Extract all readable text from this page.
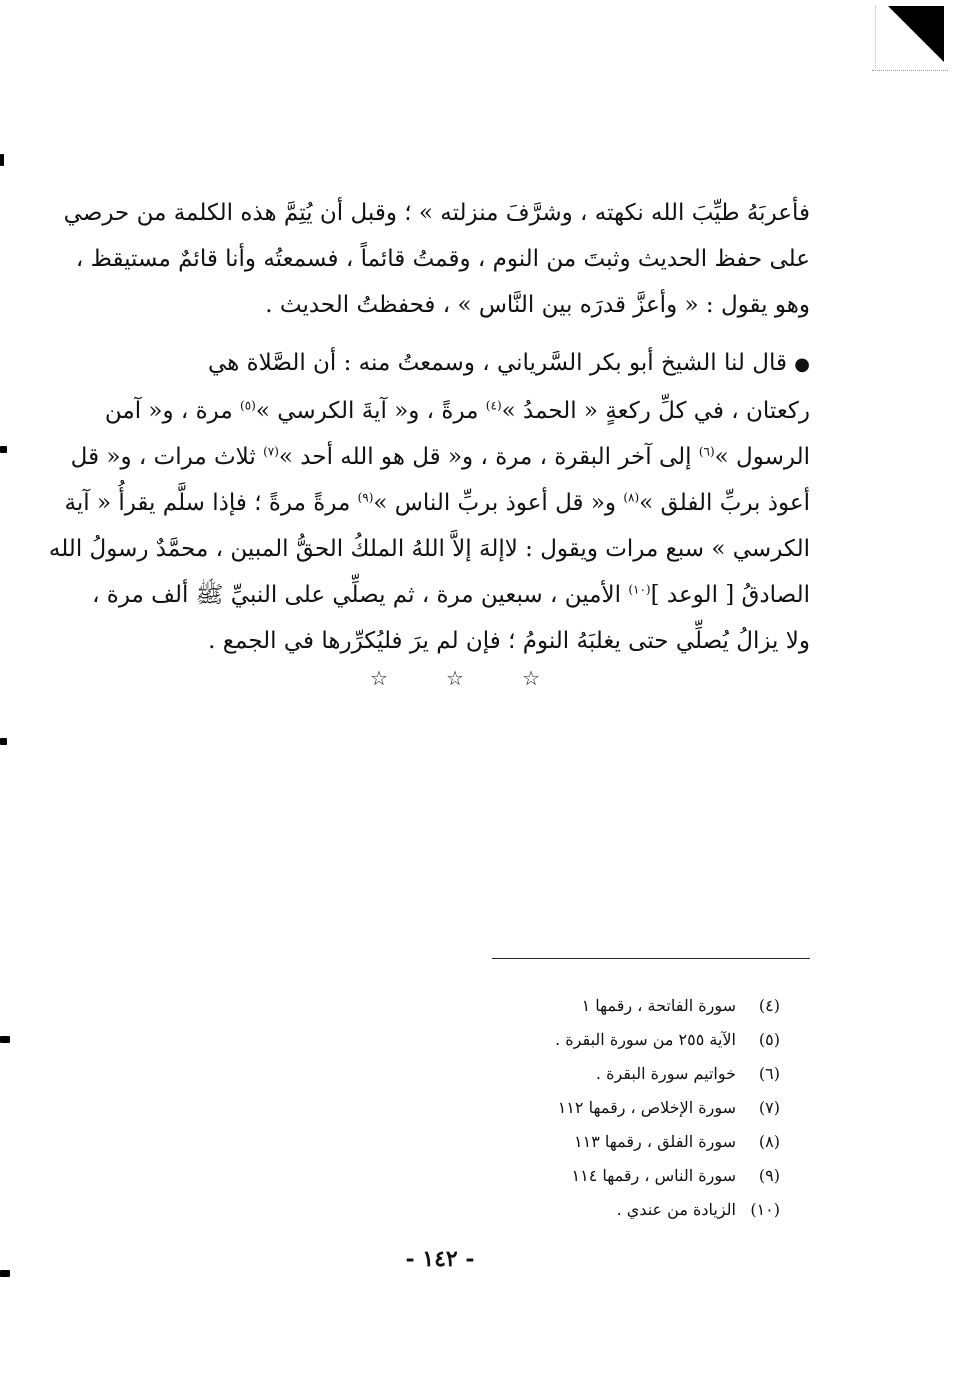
فأعربَهُ طيِّبَ الله نكهته ، وشرَّفَ منزلته » ؛ وقبل أن يُتِمَّ هذه الكلمة من حرصي
على حفظ الحديث وثبتَ من النوم ، وقمتُ قائماً ، فسمعتُه وأنا قائمٌ مستيقظ ،
وهو يقول : « وأعزَّ قدرَه بين النَّاس » ، فحفظتُ الحديث .
● قال لنا الشيخ أبو بكر السَّرياني ، وسمعتُ منه : أن الصَّلاة هي
ركعتان ، في كلِّ ركعةٍ « الحمدُ »$^{(٤)}$ مرةً ، و« آيةَ الكرسي »$^{(٥)}$ مرة ، و« آمن
الرسول »$^{(٦)}$ إلى آخر البقرة ، مرة ، و« قل هو الله أحد »$^{(٧)}$ ثلاث مرات ، و« قل
أعوذ بربِّ الفلق »$^{(٨)}$ و« قل أعوذ بربِّ الناس »$^{(٩)}$ مرةً مرةً ؛ فإذا سلَّم يقرأُ « آية
الكرسي » سبع مرات ويقول : لاإلهَ إلاَّ اللهُ الملكُ الحقُّ المبين ، محمَّدٌ رسولُ الله
الصادقُ [ الوعد ]$^{(١٠)}$ الأمين ، سبعين مرة ، ثم يصلِّي على النبيِّ ﷺ ألف مرة ،
ولا يزالُ يُصلِّي حتى يغلبَهُ النومُ ؛ فإن لم يرَ فليُكرِّرها في الجمع .
☆	☆	☆
(٤)
سورة الفاتحة ، رقمها ١
(٥)
الآية ٢٥٥ من سورة البقرة .
(٦)
خواتيم سورة البقرة .
(٧)
سورة الإخلاص ، رقمها ١١٢
(٨)
سورة الفلق ، رقمها ١١٣
(٩)
سورة الناس ، رقمها ١١٤
(١٠)
الزيادة من عندي .
- ١٤٢ -
